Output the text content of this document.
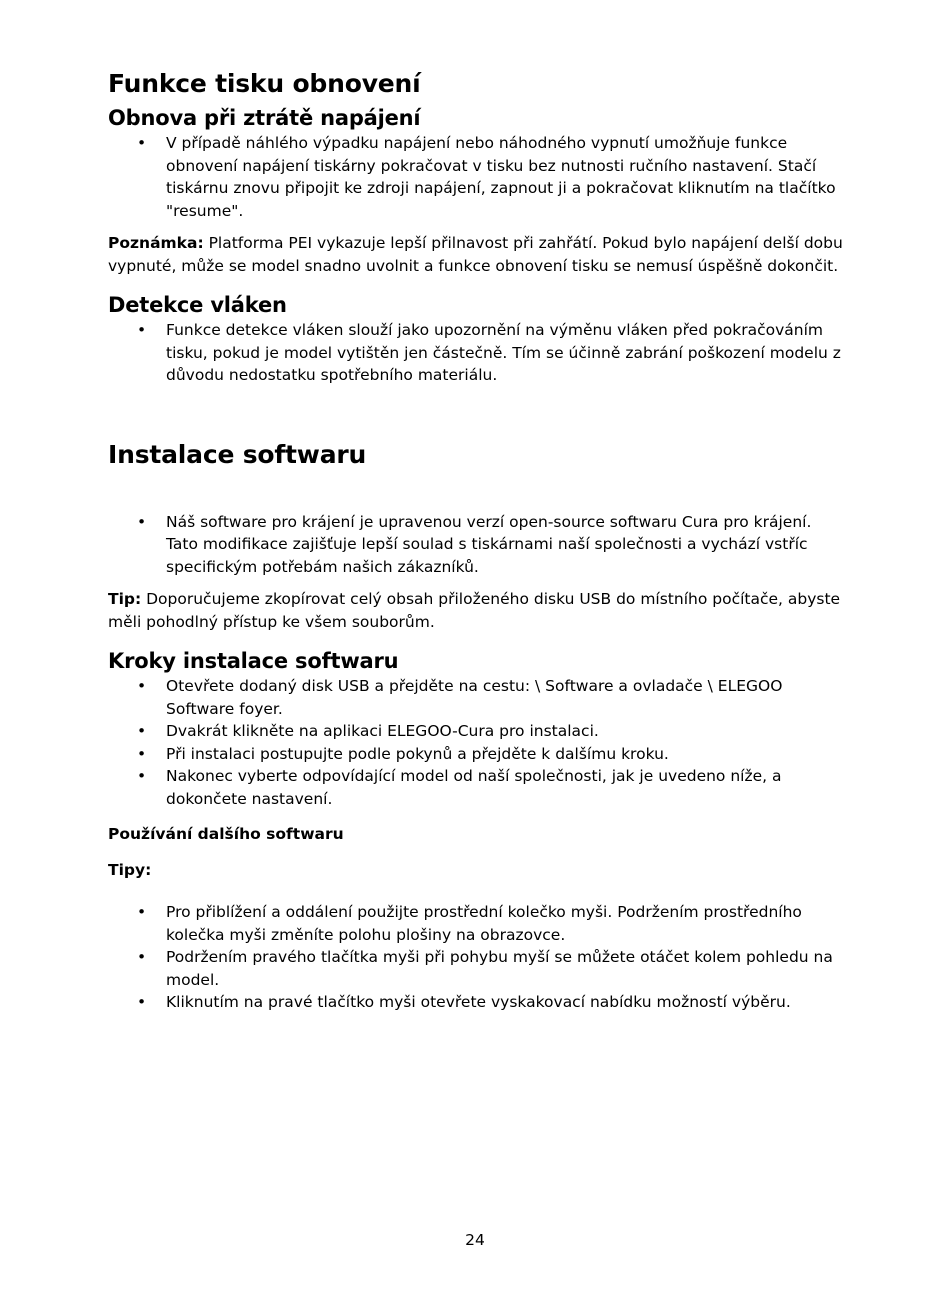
Funkce tisku obnovení
Obnova při ztrátě napájení
• V případě náhlého výpadku napájení nebo náhodného vypnutí umožňuje funkce obnovení napájení tiskárny pokračovat v tisku bez nutnosti ručního nastavení. Stačí tiskárnu znovu připojit ke zdroji napájení, zapnout ji a pokračovat kliknutím na tlačítko "resume".

Poznámka: Platforma PEI vykazuje lepší přilnavost při zahřátí. Pokud bylo napájení delší dobu vypnuté, může se model snadno uvolnit a funkce obnovení tisku se nemusí úspěšně dokončit.

Detekce vláken
• Funkce detekce vláken slouží jako upozornění na výměnu vláken před pokračováním tisku, pokud je model vytištěn jen částečně. Tím se účinně zabrání poškození modelu z důvodu nedostatku spotřebního materiálu.
Instalace softwaru
• Náš software pro krájení je upravenou verzí open-source softwaru Cura pro krájení. Tato modifikace zajišťuje lepší soulad s tiskárnami naší společnosti a vychází vstříc specifickým potřebám našich zákazníků.

Tip: Doporučujeme zkopírovat celý obsah přiloženého disku USB do místního počítače, abyste měli pohodlný přístup ke všem souborům.

Kroky instalace softwaru
• Otevřete dodaný disk USB a přejděte na cestu: \ Software a ovladače \ ELEGOO Software foyer.
• Dvakrát klikněte na aplikaci ELEGOO-Cura pro instalaci.
• Při instalaci postupujte podle pokynů a přejděte k dalšímu kroku.
• Nakonec vyberte odpovídající model od naší společnosti, jak je uvedeno níže, a dokončete nastavení.
Používání dalšího softwaru
Tipy:
• Pro přiblížení a oddálení použijte prostřední kolečko myši. Podržením prostředního kolečka myši změníte polohu plošiny na obrazovce.
• Podržením pravého tlačítka myši při pohybu myší se můžete otáčet kolem pohledu na model.
• Kliknutím na pravé tlačítko myši otevřete vyskakovací nabídku možností výběru.
24
